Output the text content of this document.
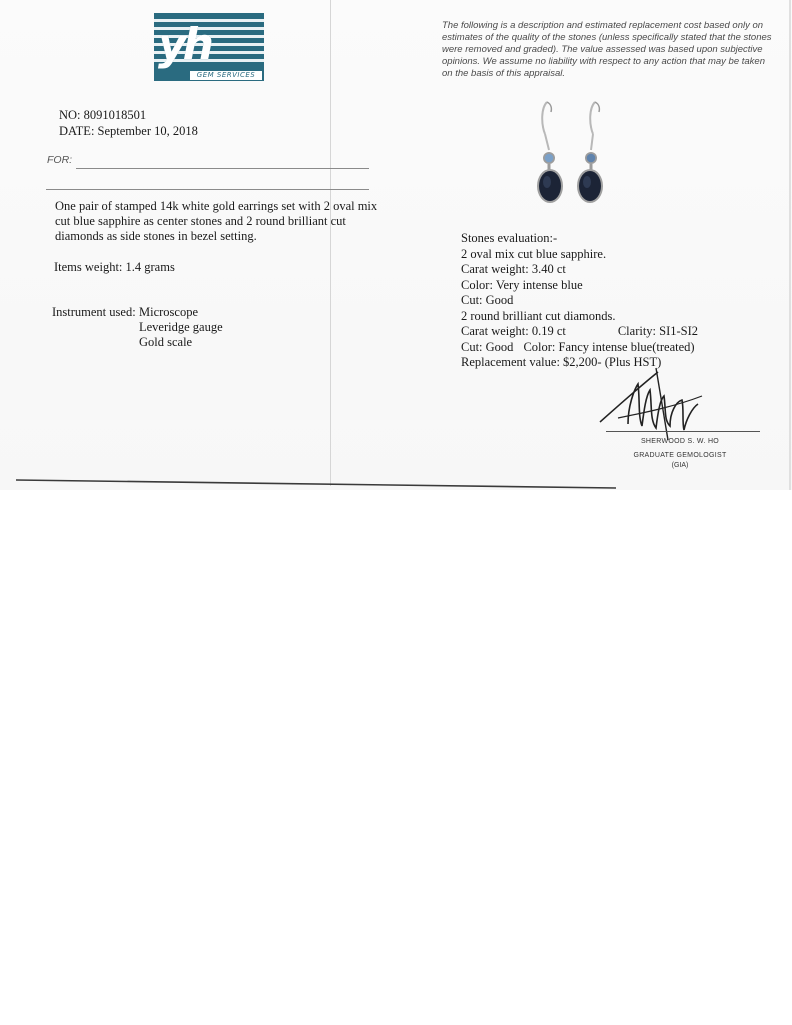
yh
GEM SERVICES
NO: 8091018501
DATE: September 10, 2018
FOR:
One pair of stamped 14k white gold earrings set with 2 oval mix cut blue sapphire as center stones and 2 round brilliant cut diamonds as side stones in bezel setting.
Items weight: 1.4 grams
Instrument used: Microscope
Leveridge gauge
Gold scale
The following is a description and estimated replacement cost based only on estimates of the quality of the stones (unless specifically stated that the stones were removed and graded). The value assessed was based upon subjective opinions. We assume no liability with respect to any action that may be taken on the basis of this appraisal.
Stones evaluation:-
2 oval mix cut blue sapphire.
Carat weight: 3.40 ct
Color: Very intense blue
Cut: Good
2 round brilliant cut diamonds.
Carat weight: 0.19 ct	Clarity: SI1-SI2
Cut: Good Color: Fancy intense blue(treated)
Replacement value: $2,200- (Plus HST)
SHERWOOD S. W. HO
GRADUATE GEMOLOGIST
(GIA)
